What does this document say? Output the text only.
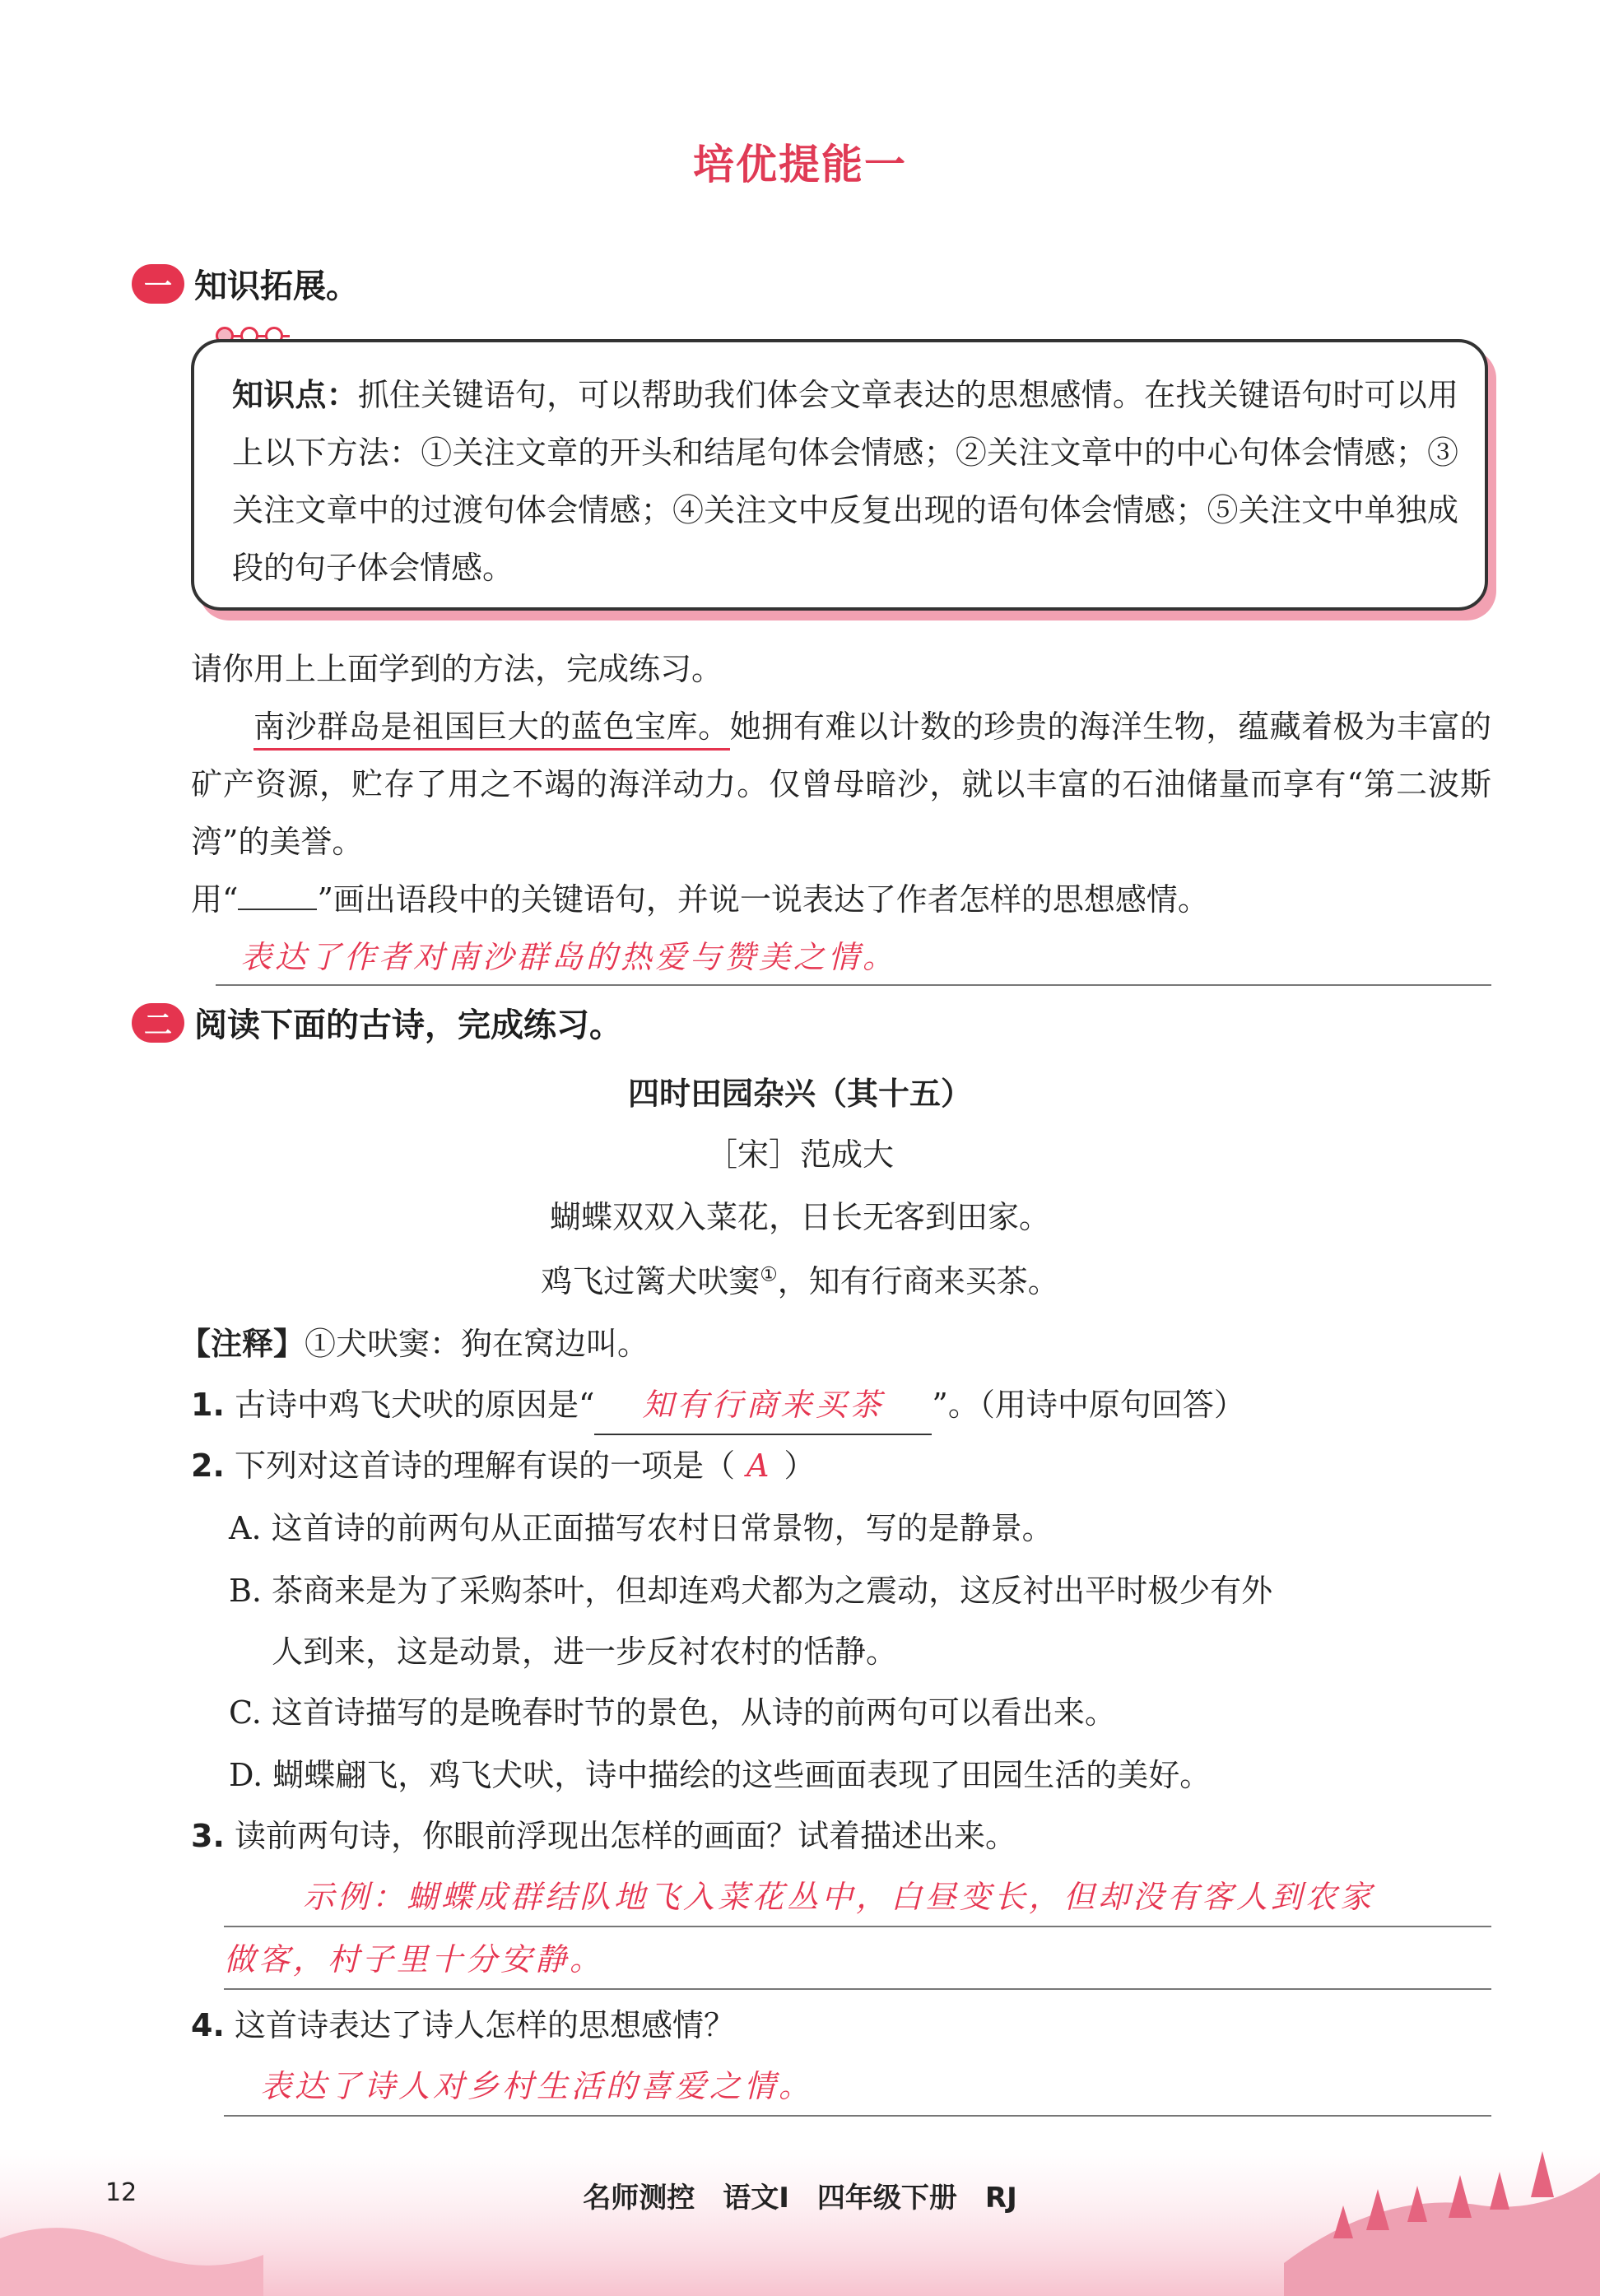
培优提能一
一 知识拓展。
知识点：抓住关键语句，可以帮助我们体会文章表达的思想感情。在找关键语句时可以用上以下方法：①关注文章的开头和结尾句体会情感；②关注文章中的中心句体会情感；③关注文章中的过渡句体会情感；④关注文中反复出现的语句体会情感；⑤关注文中单独成段的句子体会情感。
请你用上上面学到的方法，完成练习。
南沙群岛是祖国巨大的蓝色宝库。她拥有难以计数的珍贵的海洋生物，蕴藏着极为丰富的矿产资源，贮存了用之不竭的海洋动力。仅曾母暗沙，就以丰富的石油储量而享有“第二波斯湾”的美誉。
用“	”画出语段中的关键语句，并说一说表达了作者怎样的思想感情。
表达了作者对南沙群岛的热爱与赞美之情。
二 阅读下面的古诗，完成练习。
四时田园杂兴（其十五）
［宋］范成大
蝴蝶双双入菜花，日长无客到田家。
鸡飞过篱犬吠窦①，知有行商来买茶。
【注释】①犬吠窦：狗在窝边叫。
1. 古诗中鸡飞犬吠的原因是“ 知有行商来买茶 ”。（用诗中原句回答）
2. 下列对这首诗的理解有误的一项是（ A ）
A. 这首诗的前两句从正面描写农村日常景物，写的是静景。
B. 茶商来是为了采购茶叶，但却连鸡犬都为之震动，这反衬出平时极少有外
人到来，这是动景，进一步反衬农村的恬静。
C. 这首诗描写的是晚春时节的景色，从诗的前两句可以看出来。
D. 蝴蝶翩飞，鸡飞犬吠，诗中描绘的这些画面表现了田园生活的美好。
3. 读前两句诗，你眼前浮现出怎样的画面？试着描述出来。
示例：蝴蝶成群结队地飞入菜花丛中，白昼变长，但却没有客人到农家
做客，村子里十分安静。
4. 这首诗表达了诗人怎样的思想感情？
表达了诗人对乡村生活的喜爱之情。
12	名师测控　语文Ⅰ　四年级下册　RJ
